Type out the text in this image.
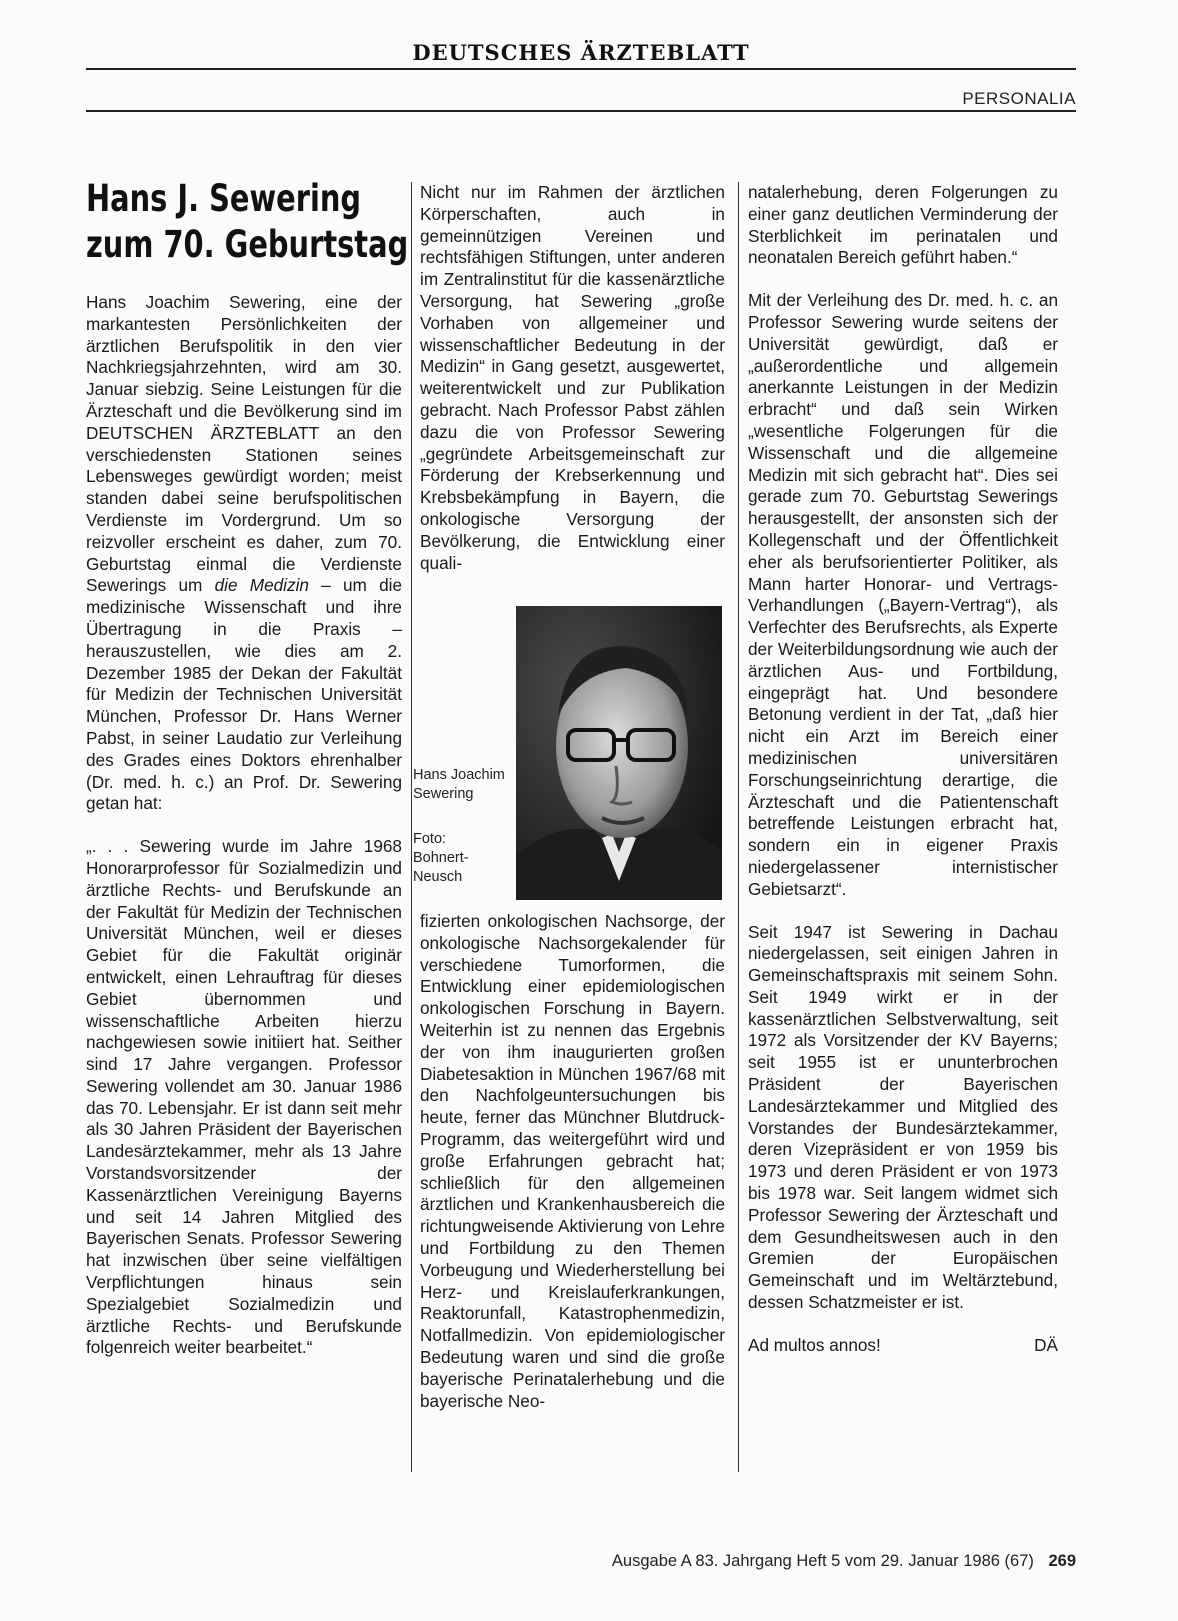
DEUTSCHES ÄRZTEBLATT
PERSONALIA
Hans J. Sewering
zum 70. Geburtstag

Hans Joachim Sewering, eine der markantesten Persönlichkeiten der ärztlichen Berufspolitik in den vier Nachkriegsjahrzehnten, wird am 30. Januar siebzig. Seine Leistungen für die Ärzteschaft und die Bevölkerung sind im DEUTSCHEN ÄRZTEBLATT an den verschiedensten Stationen seines Lebensweges gewürdigt worden; meist standen dabei seine berufspolitischen Verdienste im Vordergrund. Um so reizvoller erscheint es daher, zum 70. Geburtstag einmal die Verdienste Sewerings um die Medizin – um die medizinische Wissenschaft und ihre Übertragung in die Praxis – herauszustellen, wie dies am 2. Dezember 1985 der Dekan der Fakultät für Medizin der Technischen Universität München, Professor Dr. Hans Werner Pabst, in seiner Laudatio zur Verleihung des Grades eines Doktors ehrenhalber (Dr. med. h. c.) an Prof. Dr. Sewering getan hat:

„. . . Sewering wurde im Jahre 1968 Honorarprofessor für Sozialmedizin und ärztliche Rechts- und Berufskunde an der Fakultät für Medizin der Technischen Universität München, weil er dieses Gebiet für die Fakultät originär entwickelt, einen Lehrauftrag für dieses Gebiet übernommen und wissenschaftliche Arbeiten hierzu nachgewiesen sowie initiiert hat. Seither sind 17 Jahre vergangen. Professor Sewering vollendet am 30. Januar 1986 das 70. Lebensjahr. Er ist dann seit mehr als 30 Jahren Präsident der Bayerischen Landesärztekammer, mehr als 13 Jahre Vorstandsvorsitzender der Kassenärztlichen Vereinigung Bayerns und seit 14 Jahren Mitglied des Bayerischen Senats. Professor Sewering hat inzwischen über seine vielfältigen Verpflichtungen hinaus sein Spezialgebiet Sozialmedizin und ärztliche Rechts- und Berufskunde folgenreich weiter bearbeitet.“

Nicht nur im Rahmen der ärztlichen Körperschaften, auch in gemeinnützigen Vereinen und rechtsfähigen Stiftungen, unter anderen im Zentralinstitut für die kassenärztliche Versorgung, hat Sewering „große Vorhaben von allgemeiner und wissenschaftlicher Bedeutung in der Medizin“ in Gang gesetzt, ausgewertet, weiterentwickelt und zur Publikation gebracht. Nach Professor Pabst zählen dazu die von Professor Sewering „gegründete Arbeitsgemeinschaft zur Förderung der Krebserkennung und Krebsbekämpfung in Bayern, die onkologische Versorgung der Bevölkerung, die Entwicklung einer quali-

Hans Joachim Sewering
Foto: Bohnert-Neusch

fizierten onkologischen Nachsorge, der onkologische Nachsorgekalender für verschiedene Tumorformen, die Entwicklung einer epidemiologischen onkologischen Forschung in Bayern. Weiterhin ist zu nennen das Ergebnis der von ihm inaugurierten großen Diabetesaktion in München 1967/68 mit den Nachfolgeuntersuchungen bis heute, ferner das Münchner Blutdruck-Programm, das weitergeführt wird und große Erfahrungen gebracht hat; schließlich für den allgemeinen ärztlichen und Krankenhausbereich die richtungweisende Aktivierung von Lehre und Fortbildung zu den Themen Vorbeugung und Wiederherstellung bei Herz- und Kreislauferkrankungen, Reaktorunfall, Katastrophenmedizin, Notfallmedizin. Von epidemiologischer Bedeutung waren und sind die große bayerische Perinatalerhebung und die bayerische Neo-

natalerhebung, deren Folgerungen zu einer ganz deutlichen Verminderung der Sterblichkeit im perinatalen und neonatalen Bereich geführt haben.“

Mit der Verleihung des Dr. med. h. c. an Professor Sewering wurde seitens der Universität gewürdigt, daß er „außerordentliche und allgemein anerkannte Leistungen in der Medizin erbracht“ und daß sein Wirken „wesentliche Folgerungen für die Wissenschaft und die allgemeine Medizin mit sich gebracht hat“. Dies sei gerade zum 70. Geburtstag Sewerings herausgestellt, der ansonsten sich der Kollegenschaft und der Öffentlichkeit eher als berufsorientierter Politiker, als Mann harter Honorar- und Vertrags-Verhandlungen („Bayern-Vertrag“), als Verfechter des Berufsrechts, als Experte der Weiterbildungsordnung wie auch der ärztlichen Aus- und Fortbildung, eingeprägt hat. Und besondere Betonung verdient in der Tat, „daß hier nicht ein Arzt im Bereich einer medizinischen universitären Forschungseinrichtung derartige, die Ärzteschaft und die Patientenschaft betreffende Leistungen erbracht hat, sondern ein in eigener Praxis niedergelassener internistischer Gebietsarzt“.

Seit 1947 ist Sewering in Dachau niedergelassen, seit einigen Jahren in Gemeinschaftspraxis mit seinem Sohn. Seit 1949 wirkt er in der kassenärztlichen Selbstverwaltung, seit 1972 als Vorsitzender der KV Bayerns; seit 1955 ist er ununterbrochen Präsident der Bayerischen Landesärztekammer und Mitglied des Vorstandes der Bundesärztekammer, deren Vizepräsident er von 1959 bis 1973 und deren Präsident er von 1973 bis 1978 war. Seit langem widmet sich Professor Sewering der Ärzteschaft und dem Gesundheitswesen auch in den Gremien der Europäischen Gemeinschaft und im Weltärztebund, dessen Schatzmeister er ist.

Ad multos annos!	DÄ
Ausgabe A 83. Jahrgang Heft 5 vom 29. Januar 1986 (67) 269
